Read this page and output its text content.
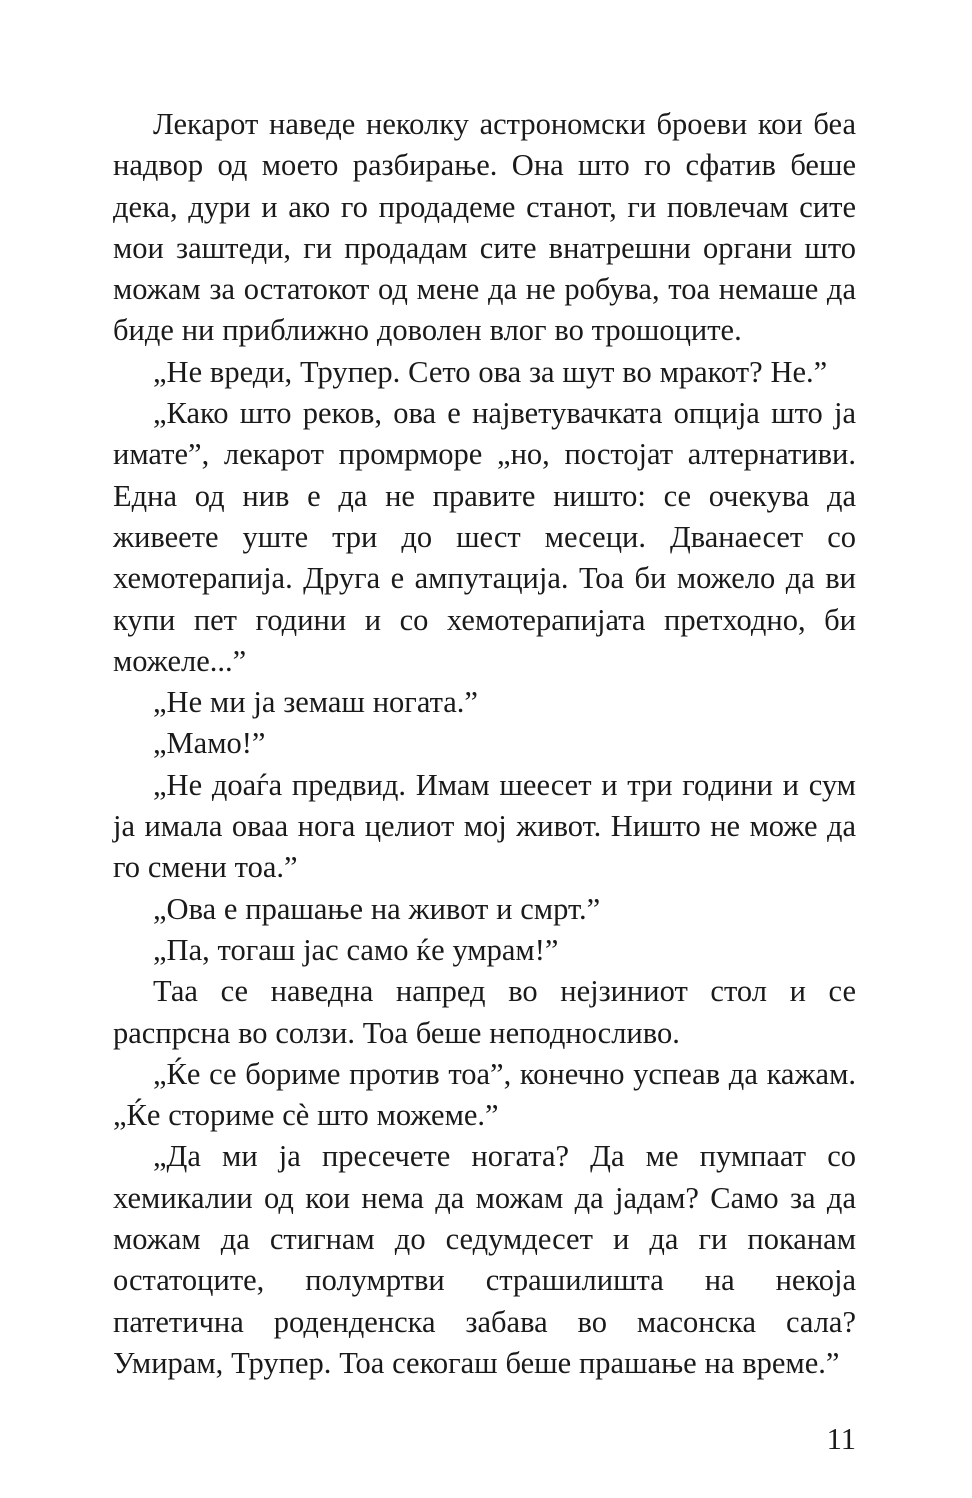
Лекарот наведе неколку астрономски броеви кои беа надвор од моето разбирање. Она што го сфатив беше дека, дури и ако го продадеме станот, ги повлечам сите мои заштеди, ги продадам сите внатрешни органи што можам за остатокот од мене да не робува, тоа немаше да биде ни приближно доволен влог во трошоците.

„Не вреди, Трупер. Сето ова за шут во мракот? Не.”

„Како што реков, ова е најветувачката опција што ја имате”, лекарот промрморе „но, постојат алтернативи. Една од нив е да не правите ништо: се очекува да живеете уште три до шест месеци. Дванаесет со хемотерапија. Друга е ампутација. Тоа би можело да ви купи пет години и со хемотерапијата претходно, би можеле...”

„Не ми ја земаш ногата.”

„Мамо!”

„Не доаѓа предвид. Имам шеесет и три години и сум ја имала оваа нога целиот мој живот. Ништо не може да го смени тоа.”

„Ова е прашање на живот и смрт.”

„Па, тогаш јас само ќе умрам!”

Таа се наведна напред во нејзиниот стол и се распрсна во солзи. Тоа беше неподносливо.

„Ќе се бориме против тоа”, конечно успеав да кажам. „Ќе сториме сѐ што можеме.”

„Да ми ја пресечете ногата? Да ме пумпаат со хемикалии од кои нема да можам да јадам? Само за да можам да стигнам до седумдесет и да ги поканам остатоците, полумртви страшилишта на некоја патетична роденденска забава во масонска сала? Умирам, Трупер. Тоа секогаш беше прашање на време.”

11
